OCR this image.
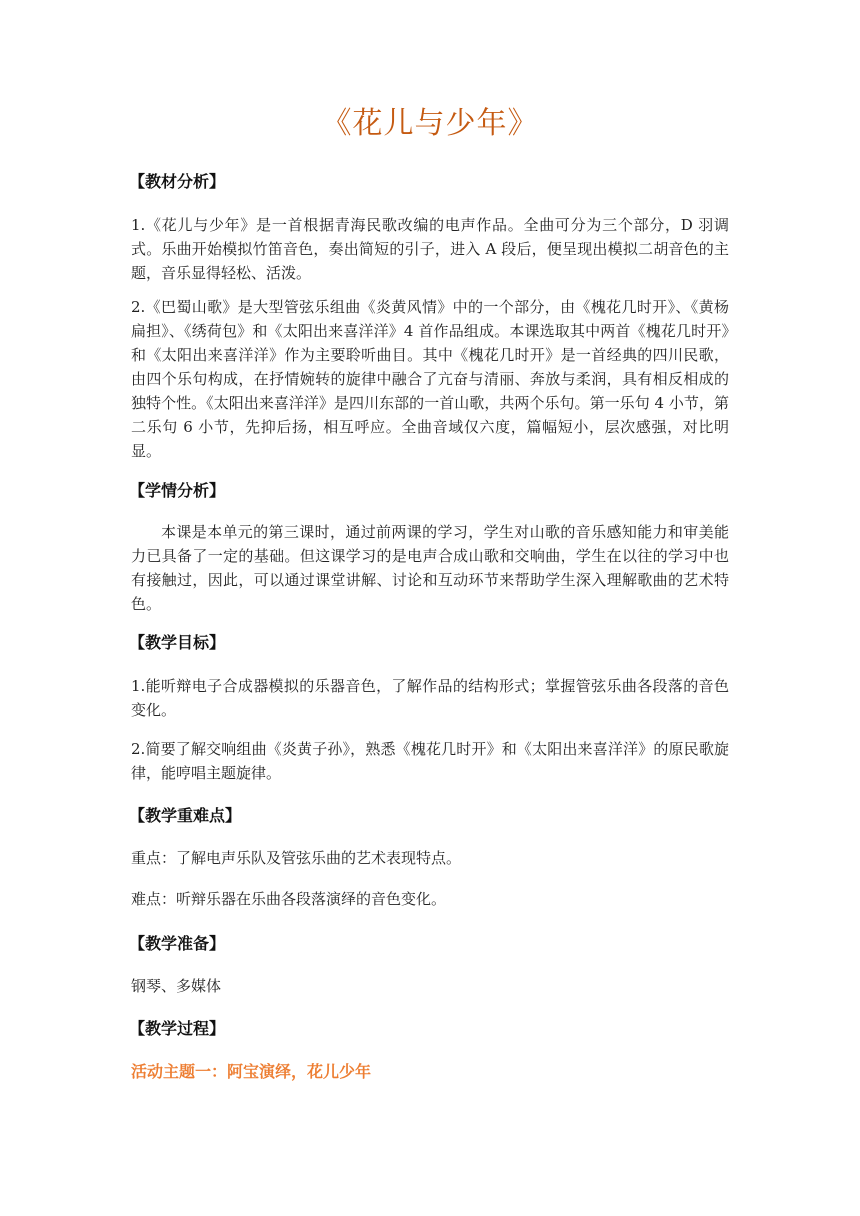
《花儿与少年》
【教材分析】

1.《花儿与少年》是一首根据青海民歌改编的电声作品。全曲可分为三个部分，D 羽调式。乐曲开始模拟竹笛音色，奏出简短的引子，进入 A 段后，便呈现出模拟二胡音色的主题，音乐显得轻松、活泼。

2.《巴蜀山歌》是大型管弦乐组曲《炎黄风情》中的一个部分，由《槐花几时开》、《黄杨扁担》、《绣荷包》和《太阳出来喜洋洋》4 首作品组成。本课选取其中两首《槐花几时开》和《太阳出来喜洋洋》作为主要聆听曲目。其中《槐花几时开》是一首经典的四川民歌，由四个乐句构成，在抒情婉转的旋律中融合了亢奋与清丽、奔放与柔润，具有相反相成的独特个性。《太阳出来喜洋洋》是四川东部的一首山歌，共两个乐句。第一乐句 4 小节，第二乐句 6 小节，先抑后扬，相互呼应。全曲音域仅六度，篇幅短小，层次感强，对比明显。

【学情分析】

本课是本单元的第三课时，通过前两课的学习，学生对山歌的音乐感知能力和审美能力已具备了一定的基础。但这课学习的是电声合成山歌和交响曲，学生在以往的学习中也有接触过，因此，可以通过课堂讲解、讨论和互动环节来帮助学生深入理解歌曲的艺术特色。

【教学目标】

1.能听辩电子合成器模拟的乐器音色，了解作品的结构形式；掌握管弦乐曲各段落的音色变化。

2.简要了解交响组曲《炎黄子孙》，熟悉《槐花几时开》和《太阳出来喜洋洋》的原民歌旋律，能哼唱主题旋律。

【教学重难点】

重点：了解电声乐队及管弦乐曲的艺术表现特点。

难点：听辩乐器在乐曲各段落演绎的音色变化。

【教学准备】

钢琴、多媒体

【教学过程】
活动主题一：阿宝演绎，花儿少年
